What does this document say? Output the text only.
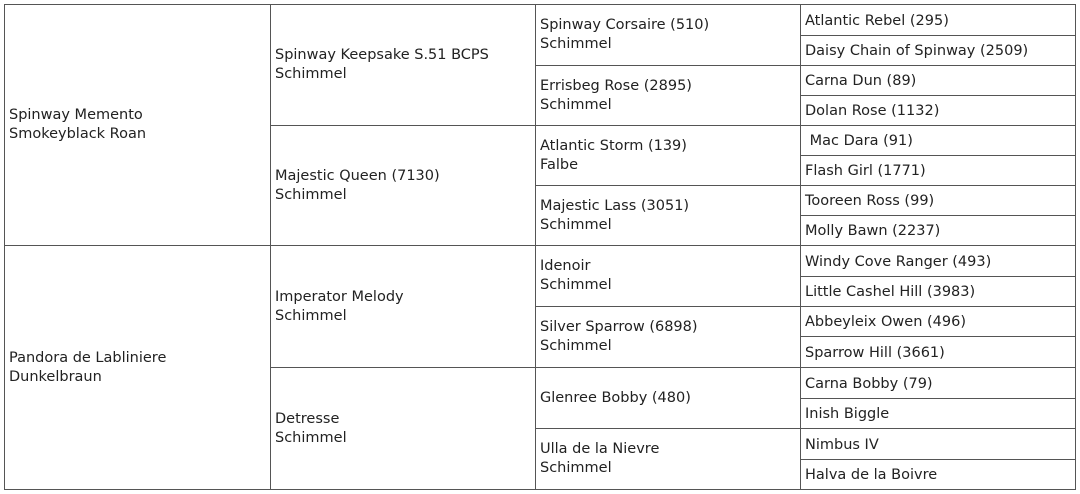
Spinway Memento
Smokeyblack Roan
Pandora de Labliniere
Dunkelbraun
Spinway Keepsake S.51 BCPS
Schimmel
Majestic Queen (7130)
Schimmel
Imperator Melody
Schimmel
Detresse
Schimmel
Spinway Corsaire (510)
Schimmel
Errisbeg Rose (2895)
Schimmel
Atlantic Storm (139)
Falbe
Majestic Lass (3051)
Schimmel
Idenoir
Schimmel
Silver Sparrow (6898)
Schimmel
Glenree Bobby (480)
Ulla de la Nievre
Schimmel
Atlantic Rebel (295)
Daisy Chain of Spinway (2509)
Carna Dun (89)
Dolan Rose (1132)
Mac Dara (91)
Flash Girl (1771)
Tooreen Ross (99)
Molly Bawn (2237)
Windy Cove Ranger (493)
Little Cashel Hill (3983)
Abbeyleix Owen (496)
Sparrow Hill (3661)
Carna Bobby (79)
Inish Biggle
Nimbus IV
Halva de la Boivre
